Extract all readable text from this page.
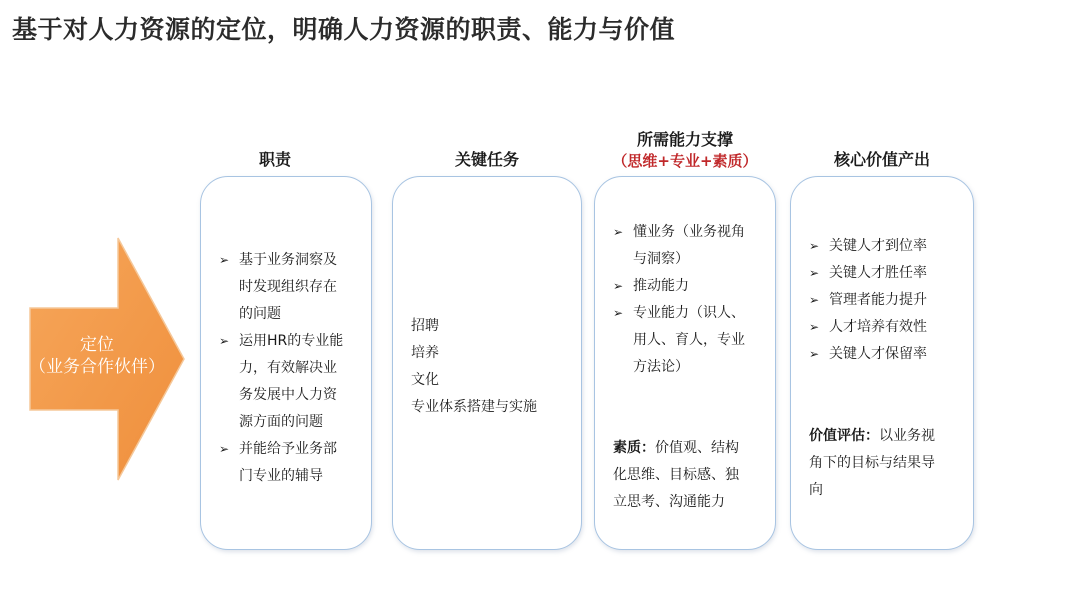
基于对人力资源的定位，明确人力资源的职责、能力与价值
定位
（业务合作伙伴）
职责	关键任务
所需能力支撑
（思维+专业+素质）	核心价值产出
➢ 基于业务洞察及
时发现组织存在
的问题
➢ 运用HR的专业能
力，有效解决业
务发展中人力资
源方面的问题
➢ 并能给予业务部
门专业的辅导
招聘
培养
文化
专业体系搭建与实施
➢ 懂业务（业务视角
与洞察）
➢ 推动能力
➢ 专业能力（识人、
用人、育人，专业
方法论）
素质：价值观、结构
化思维、目标感、独
立思考、沟通能力
➢ 关键人才到位率
➢ 关键人才胜任率
➢ 管理者能力提升
➢ 人才培养有效性
➢ 关键人才保留率
价值评估：以业务视
角下的目标与结果导
向
